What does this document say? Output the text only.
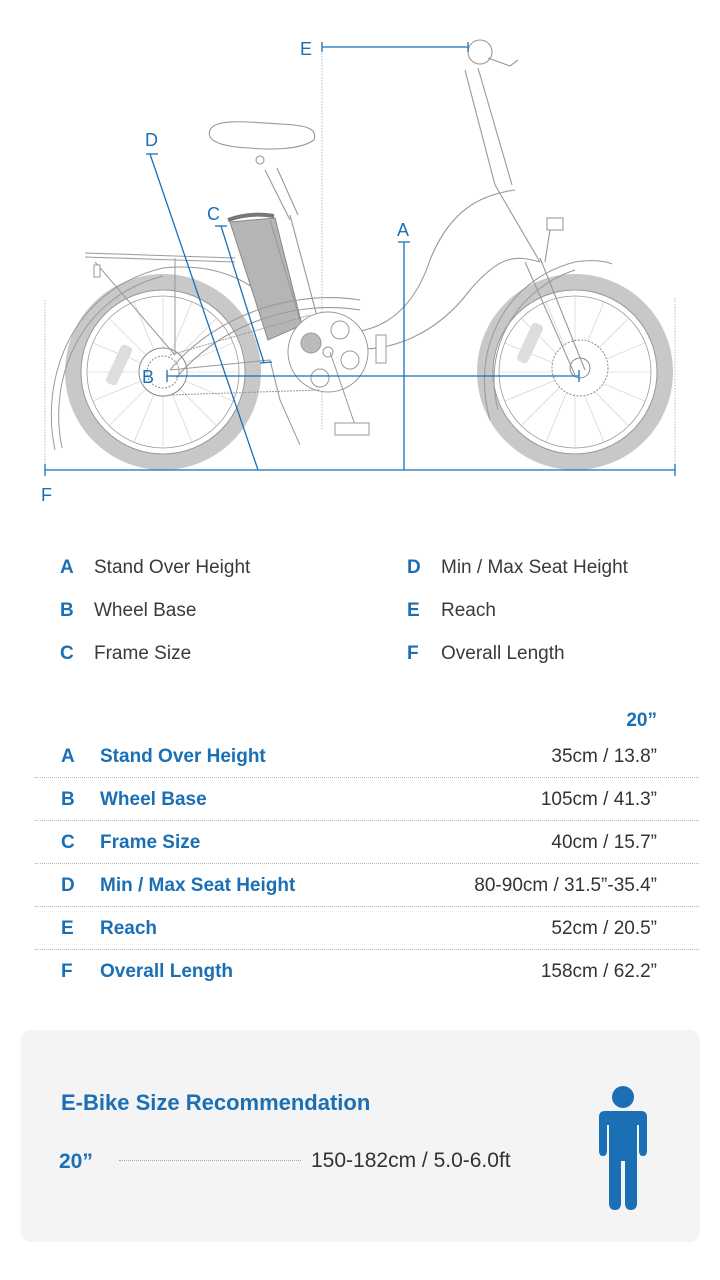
E
D
C
A
B
F
A Stand Over Height
B Wheel Base
C Frame Size
D Min / Max Seat Height
E Reach
F Overall Length
20”
A Stand Over Height	35cm / 13.8”
B Wheel Base	105cm / 41.3”
C Frame Size	40cm / 15.7”
D Min / Max Seat Height	80-90cm / 31.5”-35.4”
E Reach	52cm / 20.5”
F Overall Length	158cm / 62.2”
E-Bike Size Recommendation
20”	150-182cm / 5.0-6.0ft
